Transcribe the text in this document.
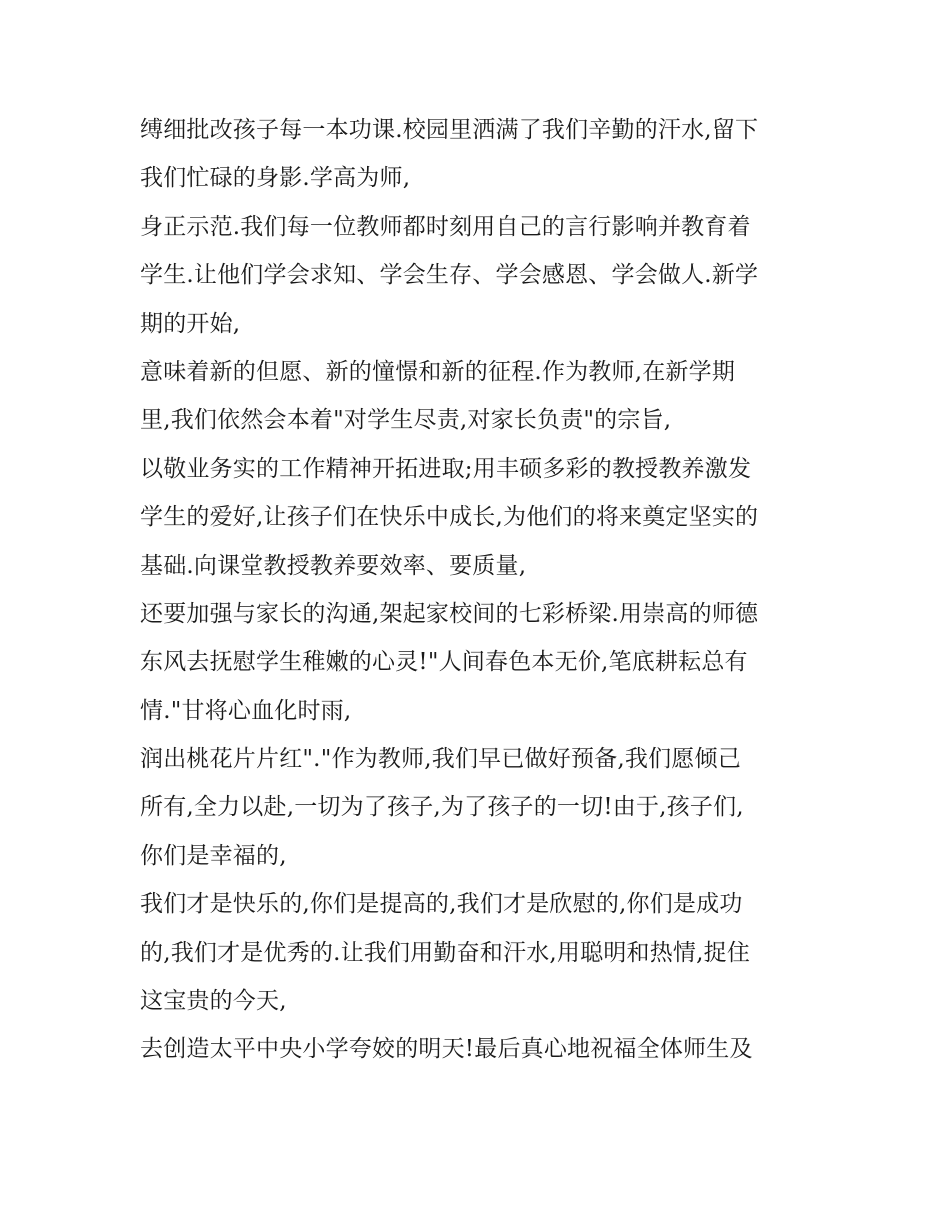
缚细批改孩子每一本功课.校园里洒满了我们辛勤的汗水,留下
我们忙碌的身影.学高为师,
身正示范.我们每一位教师都时刻用自己的言行影响并教育着
学生.让他们学会求知、学会生存、学会感恩、学会做人.新学
期的开始,
意味着新的但愿、新的憧憬和新的征程.作为教师,在新学期
里,我们依然会本着"对学生尽责,对家长负责"的宗旨,
以敬业务实的工作精神开拓进取;用丰硕多彩的教授教养激发
学生的爱好,让孩子们在快乐中成长,为他们的将来奠定坚实的
基础.向课堂教授教养要效率、要质量,
还要加强与家长的沟通,架起家校间的七彩桥梁.用崇高的师德
东风去抚慰学生稚嫩的心灵!"人间春色本无价,笔底耕耘总有
情."甘将心血化时雨,
润出桃花片片红"."作为教师,我们早已做好预备,我们愿倾己
所有,全力以赴,一切为了孩子,为了孩子的一切!由于,孩子们,
你们是幸福的,
我们才是快乐的,你们是提高的,我们才是欣慰的,你们是成功
的,我们才是优秀的.让我们用勤奋和汗水,用聪明和热情,捉住
这宝贵的今天,
去创造太平中央小学夸姣的明天!最后真心地祝福全体师生及
